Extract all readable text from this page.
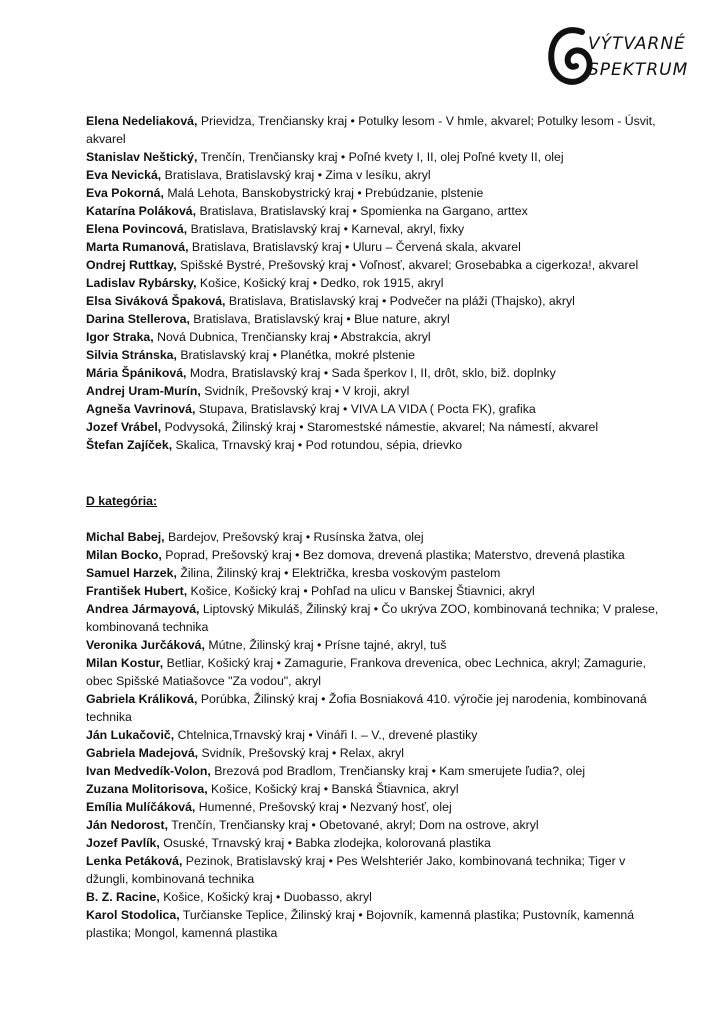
VÝTVARNÉ
SPEKTRUM

Elena Nedeliaková, Prievidza, Trenčiansky kraj • Potulky lesom - V hmle, akvarel; Potulky lesom - Úsvit, akvarel

Stanislav Neštický, Trenčín, Trenčiansky kraj • Poľné kvety I, II, olej Poľné kvety II, olej

Eva Nevická, Bratislava, Bratislavský kraj • Zima v lesíku, akryl

Eva Pokorná, Malá Lehota, Banskobystrický kraj • Prebúdzanie, plstenie

Katarína Poláková, Bratislava, Bratislavský kraj • Spomienka na Gargano, arttex

Elena Povincová, Bratislava, Bratislavský kraj • Karneval, akryl, fixky

Marta Rumanová, Bratislava, Bratislavský kraj • Uluru – Červená skala, akvarel

Ondrej Ruttkay, Spišské Bystré, Prešovský kraj • Voľnosť, akvarel; Grosebabka a cigerkoza!, akvarel

Ladislav Rybársky, Košice, Košický kraj • Dedko, rok 1915, akryl

Elsa Siváková Špaková, Bratislava, Bratislavský kraj • Podvečer na pláži (Thajsko), akryl

Darina Stellerova, Bratislava, Bratislavský kraj • Blue nature, akryl

Igor Straka, Nová Dubnica, Trenčiansky kraj • Abstrakcia, akryl

Silvia Stránska, Bratislavský kraj • Planétka, mokré plstenie

Mária Špániková, Modra, Bratislavský kraj • Sada šperkov I, II, drôt, sklo, biž. doplnky

Andrej Uram-Murín, Svidník, Prešovský kraj • V kroji, akryl

Agneša Vavrinová, Stupava, Bratislavský kraj • VIVA LA VIDA ( Pocta FK), grafika

Jozef Vrábel, Podvysoká, Žilinský kraj • Staromestské námestie, akvarel; Na námestí, akvarel

Štefan Zajíček, Skalica, Trnavský kraj • Pod rotundou, sépia, drievko

D kategória:

Michal Babej, Bardejov, Prešovský kraj • Rusínska žatva, olej

Milan Bocko, Poprad, Prešovský kraj • Bez domova, drevená plastika; Materstvo, drevená plastika

Samuel Harzek, Žilina, Žilinský kraj • Električka, kresba voskovým pastelom

František Hubert, Košice, Košický kraj • Pohľad na ulicu v Banskej Štiavnici, akryl

Andrea Jármayová, Liptovský Mikuláš, Žilinský kraj • Čo ukrýva ZOO, kombinovaná technika; V pralese, kombinovaná technika

Veronika Jurčáková, Mútne, Žilinský kraj • Prísne tajné, akryl, tuš

Milan Kostur, Betliar, Košický kraj • Zamagurie, Frankova drevenica, obec Lechnica, akryl; Zamagurie, obec Spišské Matiašovce "Za vodou", akryl

Gabriela Králiková, Porúbka, Žilinský kraj • Žofia Bosniaková 410. výročie jej narodenia, kombinovaná technika

Ján Lukačovič, Chtelnica,Trnavský kraj • Vináři I. – V., drevené plastiky

Gabriela Madejová, Svidník, Prešovský kraj • Relax, akryl

Ivan Medvedík-Volon, Brezová pod Bradlom, Trenčiansky kraj • Kam smerujete ľudia?, olej

Zuzana Molitorisova, Košice, Košický kraj • Banská Štiavnica, akryl

Emília Mulíčáková, Humenné, Prešovský kraj • Nezvaný hosť, olej

Ján Nedorost, Trenčín, Trenčiansky kraj • Obetované, akryl; Dom na ostrove, akryl

Jozef Pavlík, Osuské, Trnavský kraj • Babka zlodejka, kolorovaná plastika

Lenka Petáková, Pezinok, Bratislavský kraj • Pes Welshteriér Jako, kombinovaná technika; Tiger v džungli, kombinovaná technika

B. Z. Racine, Košice, Košický kraj • Duobasso, akryl

Karol Stodolica, Turčianske Teplice, Žilinský kraj • Bojovník, kamenná plastika; Pustovník, kamenná plastika; Mongol, kamenná plastika
